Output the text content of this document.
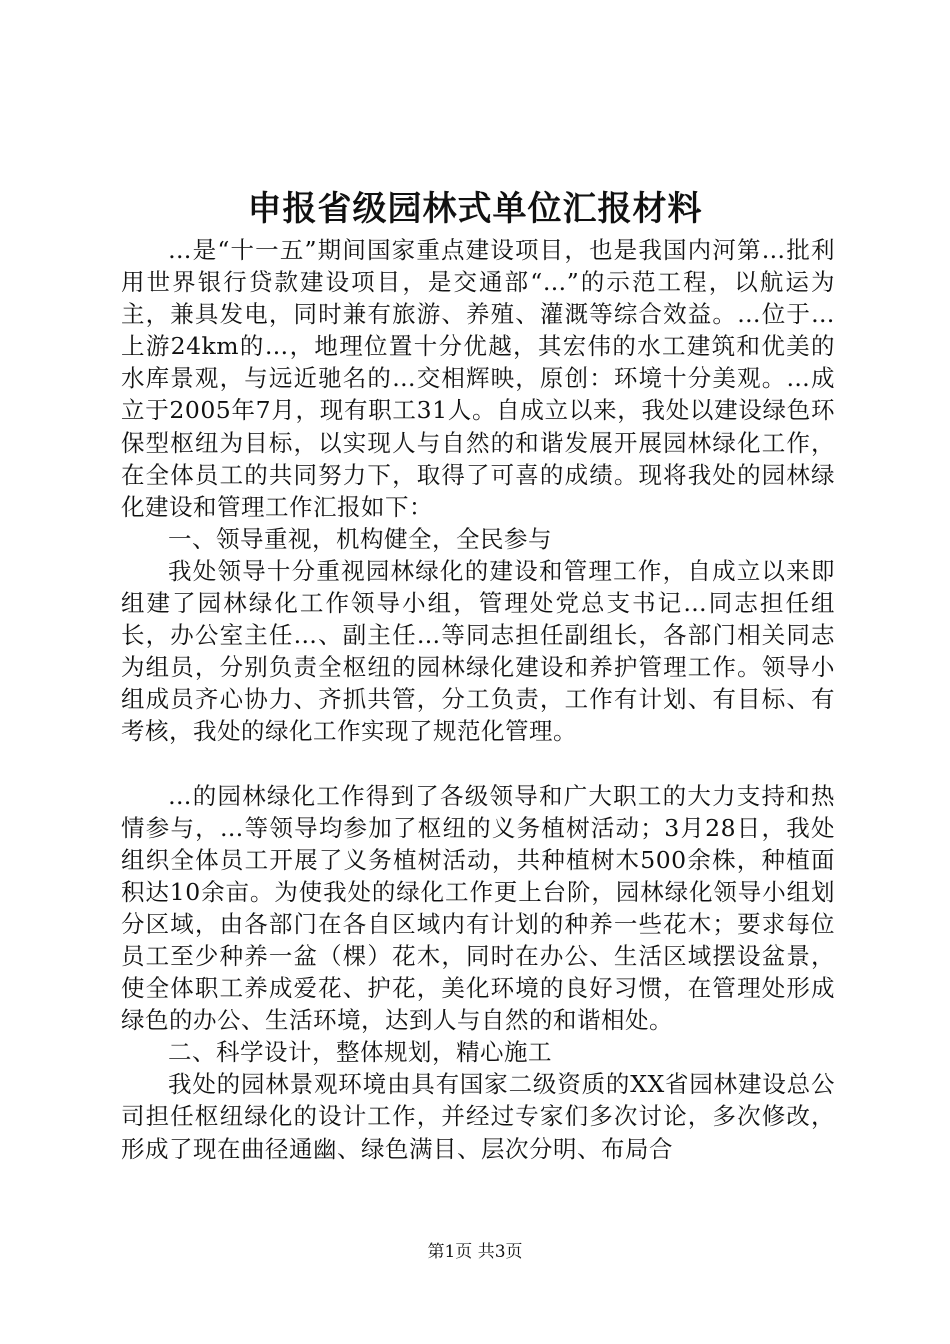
申报省级园林式单位汇报材料

…是“十一五”期间国家重点建设项目，也是我国内河第…批利用世界银行贷款建设项目，是交通部“…”的示范工程，以航运为主，兼具发电，同时兼有旅游、养殖、灌溉等综合效益。…位于…上游24km的…，地理位置十分优越，其宏伟的水工建筑和优美的水库景观，与远近驰名的…交相辉映，原创：环境十分美观。…成立于2005年7月，现有职工31人。自成立以来，我处以建设绿色环保型枢纽为目标，以实现人与自然的和谐发展开展园林绿化工作，在全体员工的共同努力下，取得了可喜的成绩。现将我处的园林绿化建设和管理工作汇报如下：

一、领导重视，机构健全，全民参与

我处领导十分重视园林绿化的建设和管理工作，自成立以来即组建了园林绿化工作领导小组，管理处党总支书记…同志担任组长，办公室主任…、副主任…等同志担任副组长，各部门相关同志为组员，分别负责全枢纽的园林绿化建设和养护管理工作。领导小组成员齐心协力、齐抓共管，分工负责，工作有计划、有目标、有考核，我处的绿化工作实现了规范化管理。

…的园林绿化工作得到了各级领导和广大职工的大力支持和热情参与，…等领导均参加了枢纽的义务植树活动；3月28日，我处组织全体员工开展了义务植树活动，共种植树木500余株，种植面积达10余亩。为使我处的绿化工作更上台阶，园林绿化领导小组划分区域，由各部门在各自区域内有计划的种养一些花木；要求每位员工至少种养一盆（棵）花木，同时在办公、生活区域摆设盆景，使全体职工养成爱花、护花，美化环境的良好习惯，在管理处形成绿色的办公、生活环境，达到人与自然的和谐相处。

二、科学设计，整体规划，精心施工

我处的园林景观环境由具有国家二级资质的XX省园林建设总公司担任枢纽绿化的设计工作，并经过专家们多次讨论，多次修改，形成了现在曲径通幽、绿色满目、层次分明、布局合

第1页 共3页
